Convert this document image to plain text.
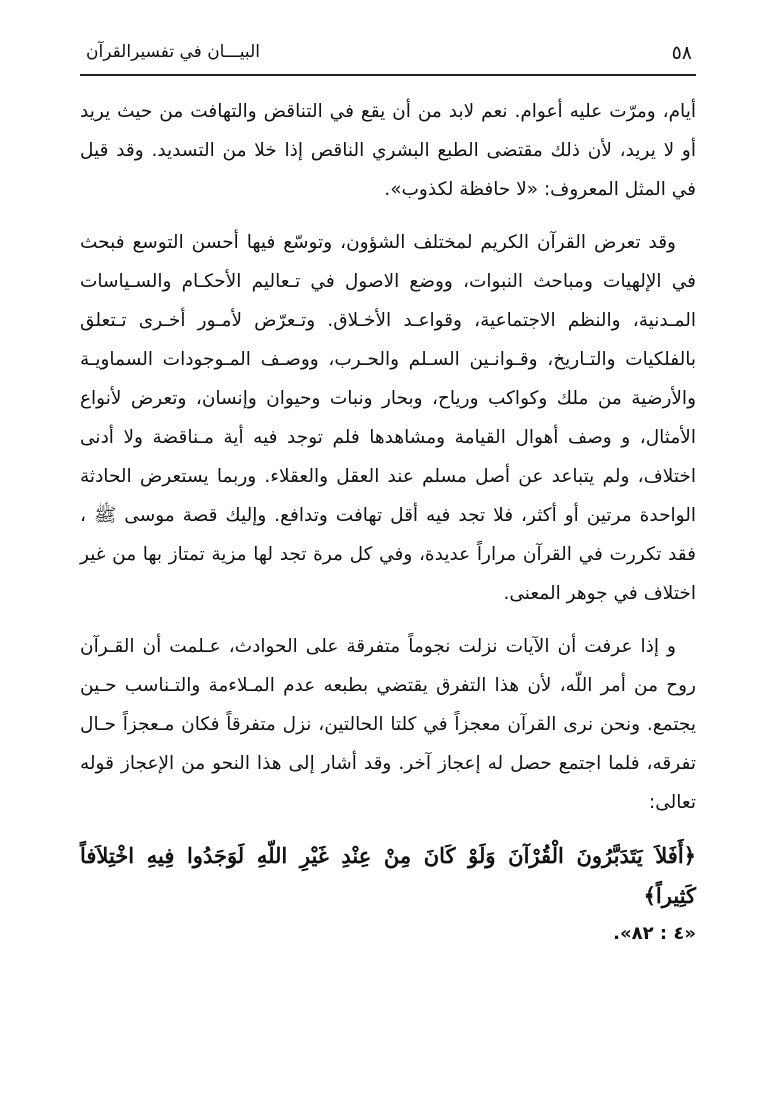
٥٨
البيـــان في تفسيرالقرآن

أيام، ومرّت عليه أعوام. نعم لابد من أن يقع في التناقض والتهافت من حيث يريد أو لا يريد، لأن ذلك مقتضى الطبع البشري الناقص إذا خلا من التسديد. وقد قيل في المثل المعروف: «لا حافظة لكذوب».

وقد تعرض القرآن الكريم لمختلف الشؤون، وتوسّع فيها أحسن التوسع فبحث في الإلهيات ومباحث النبوات، ووضع الاصول في تـعاليم الأحكـام والسـياسات المـدنية، والنظم الاجتماعية، وقواعـد الأخـلاق. وتـعرّض لأمـور أخـرى تـتعلق بالفلكيات والتـاريخ، وقـوانـين السـلم والحـرب، ووصـف المـوجودات السماويـة والأرضية من ملك وكواكب ورياح، وبحار ونبات وحيوان وإنسان، وتعرض لأنواع الأمثال، و وصف أهوال القيامة ومشاهدها فلم توجد فيه أية مـناقضة ولا أدنى اختلاف، ولم يتباعد عن أصل مسلم عند العقل والعقلاء. وربما يستعرض الحادثة الواحدة مرتين أو أكثر، فلا تجد فيه أقل تهافت وتدافع. وإليك قصة موسى ﷺ ، فقد تكررت في القرآن مراراً عديدة، وفي كل مرة تجد لها مزية تمتاز بها من غير اختلاف في جوهر المعنى.

و إذا عرفت أن الآيات نزلت نجوماً متفرقة على الحوادث، عـلمت أن القـرآن روح من أمر اللّه، لأن هذا التفرق يقتضي بطبعه عدم المـلاءمة والتـناسب حـين يجتمع. ونحن نرى القرآن معجزاً في كلتا الحالتين، نزل متفرقاً فكان مـعجزاً حـال تفرقه، فلما اجتمع حصل له إعجاز آخر. وقد أشار إلى هذا النحو من الإعجاز قوله تعالى:

﴿أَفَلاَ يَتَدَبَّرُونَ الْقُرْآنَ وَلَوْ كَانَ مِنْ عِنْدِ غَيْرِ اللّهِ لَوَجَدُوا فِيهِ اخْتِلاَفاً كَثِيراً﴾
«٤ : ٨٢».
